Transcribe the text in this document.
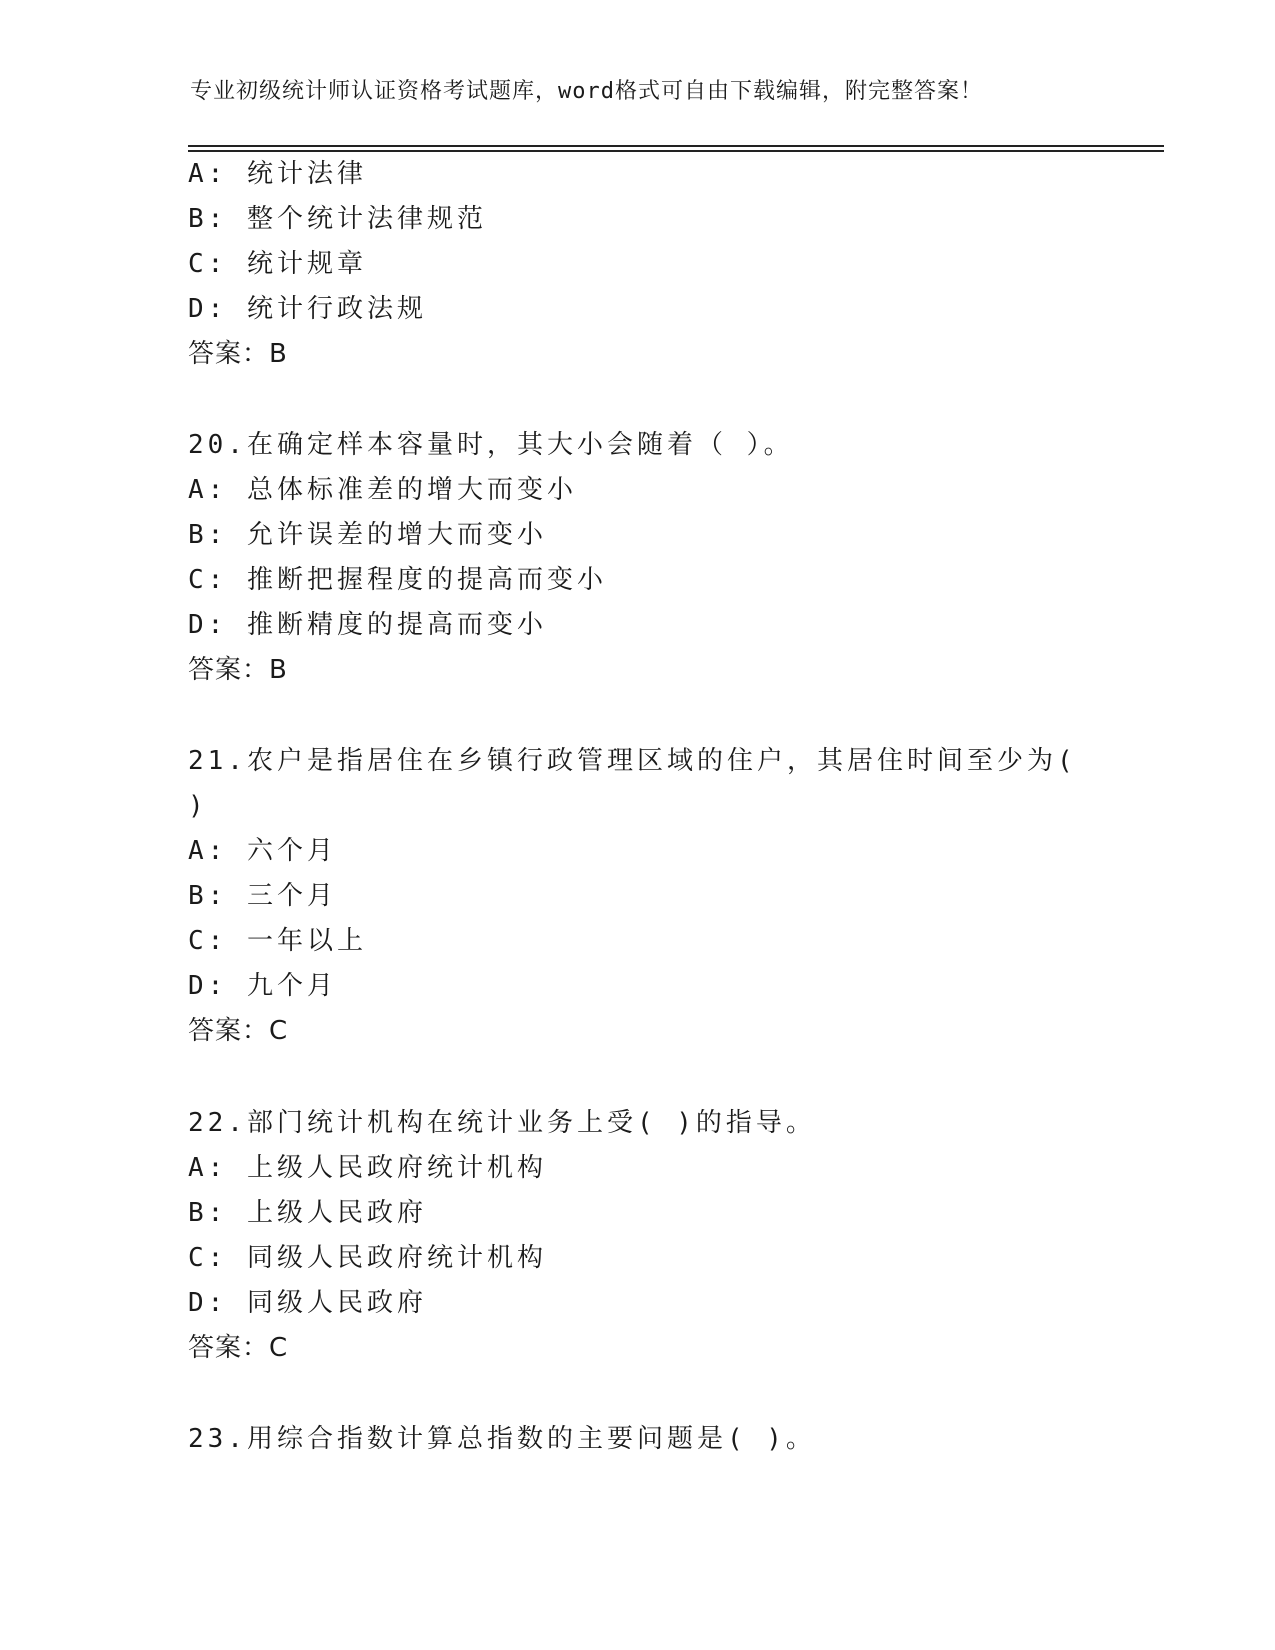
专业初级统计师认证资格考试题库，word格式可自由下载编辑，附完整答案！
A: 统计法律
B: 整个统计法律规范
C: 统计规章
D: 统计行政法规
答案：B
20.在确定样本容量时，其大小会随着（ ）。
A: 总体标准差的增大而变小
B: 允许误差的增大而变小
C: 推断把握程度的提高而变小
D: 推断精度的提高而变小
答案：B
21.农户是指居住在乡镇行政管理区域的住户，其居住时间至少为(
)
A: 六个月
B: 三个月
C: 一年以上
D: 九个月
答案：C
22.部门统计机构在统计业务上受( )的指导。
A: 上级人民政府统计机构
B: 上级人民政府
C: 同级人民政府统计机构
D: 同级人民政府
答案：C
23.用综合指数计算总指数的主要问题是( )。
